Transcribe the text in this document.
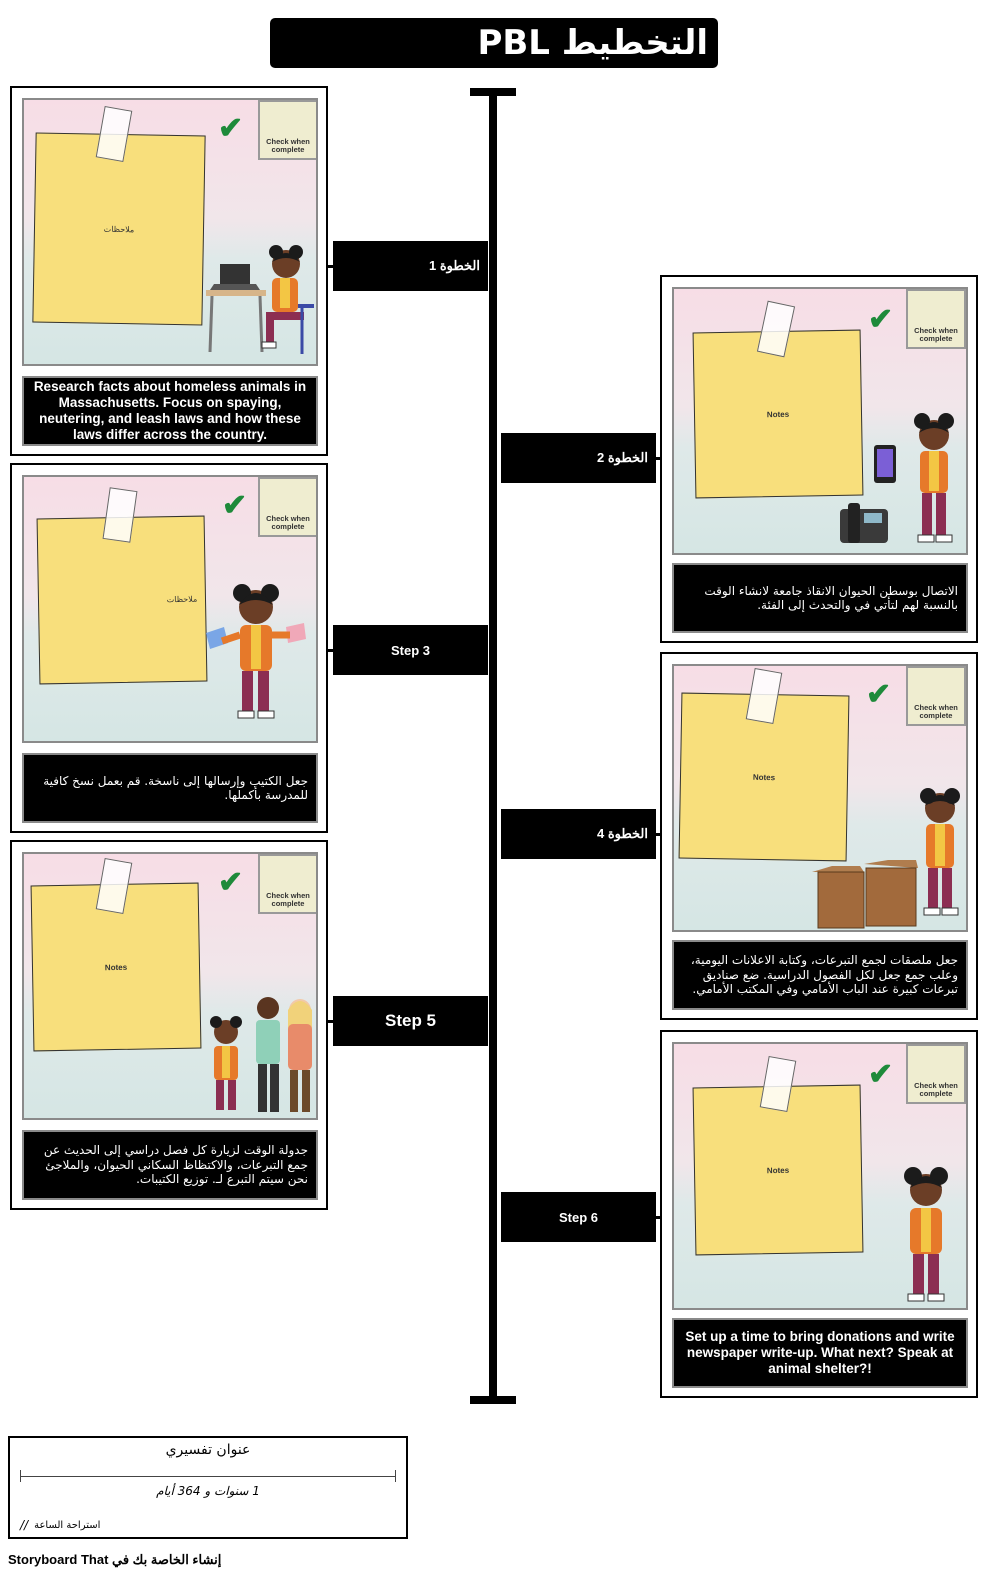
التخطيط PBL
الخطوة 1
الخطوة 2
Step 3
الخطوة 4
Step 5
Step 6
ملاحظات
✔	Check when complete
Research facts about homeless animals in Massachusetts. Focus on spaying, neutering, and leash laws and how these laws differ across the country.
Notes
✔	Check when complete
الاتصال بوسطن الحيوان الانقاذ جامعة لانشاء الوقت بالنسبة لهم لتأتي في والتحدث إلى الفئة.
ملاحظات
✔	Check when complete
جعل الكتيب وإرسالها إلى ناسخة. قم بعمل نسخ كافية للمدرسة بأكملها.
Notes
✔	Check when complete
جعل ملصقات لجمع التبرعات، وكتابة الاعلانات اليومية، وعلب جمع جعل لكل الفصول الدراسية. ضع صناديق تبرعات كبيرة عند الباب الأمامي وفي المكتب الأمامي.
Notes
✔	Check when complete
جدولة الوقت لزيارة كل فصل دراسي إلى الحديث عن جمع التبرعات، والاكتظاظ السكاني الحيوان، والملاجئ نحن سيتم التبرع لـ. توزيع الكتيبات.
Notes
✔	Check when complete
Set up a time to bring donations and write newspaper write-up. What next? Speak at animal shelter?!
عنوان تفسيري
1 سنوات و 364 أيام
// استراحة الساعة
إنشاء الخاصة بك في Storyboard That
